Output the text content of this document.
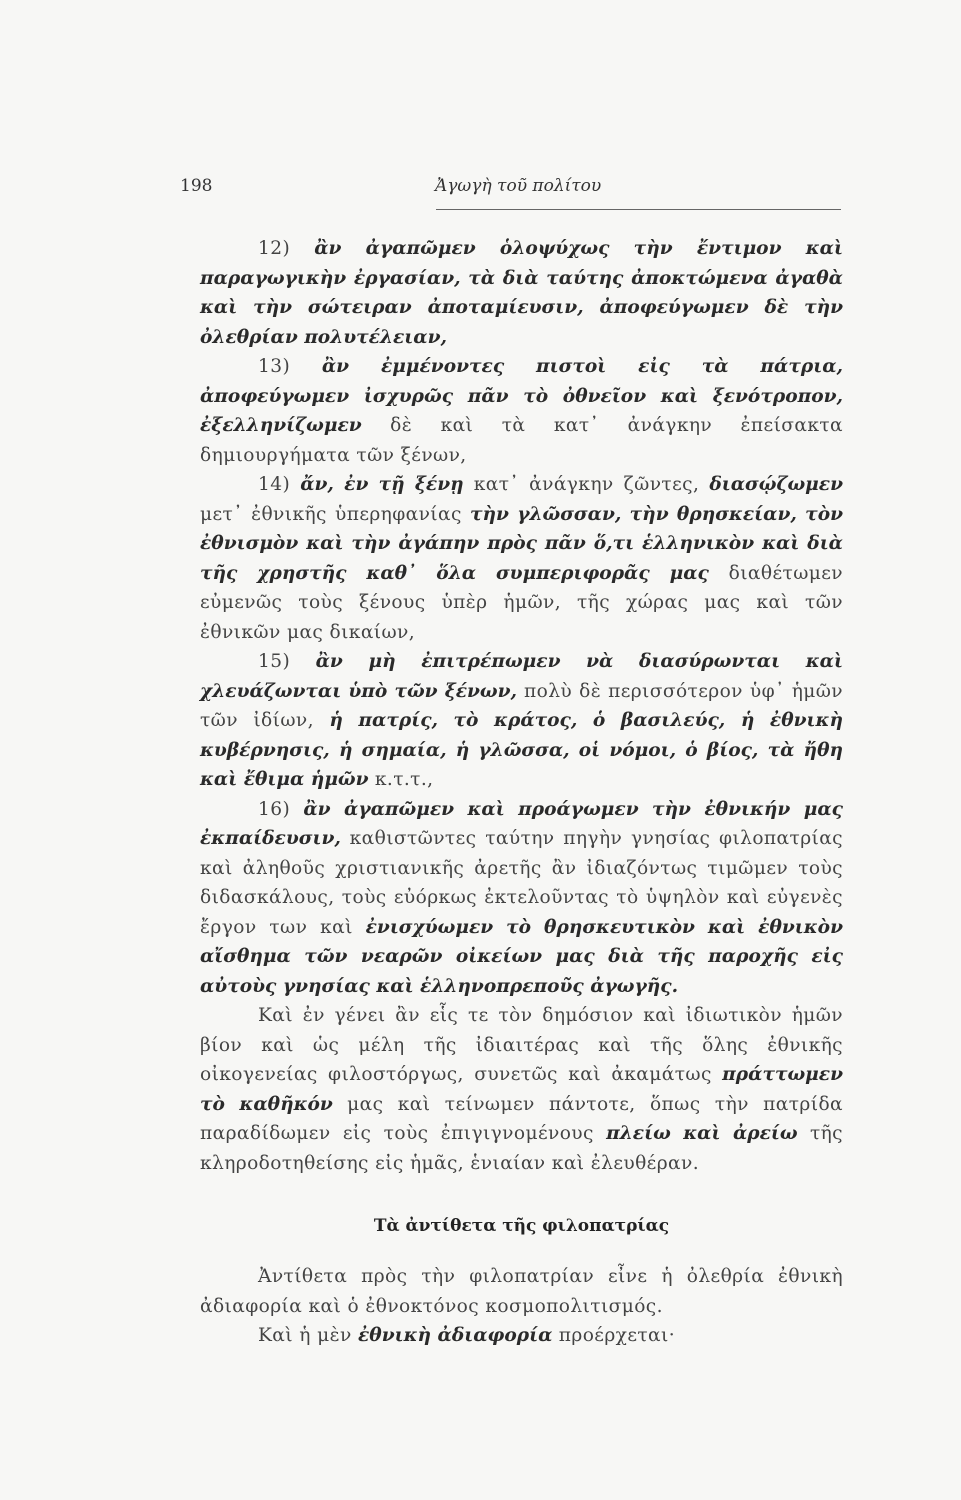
198	Ἀγωγὴ τοῦ πολίτου

12) ἂν ἀγαπῶμεν ὁλοψύχως τὴν ἔντιμον καὶ παραγωγικὴν ἐργασίαν, τὰ διὰ ταύτης ἀποκτώμενα ἀγαθὰ καὶ τὴν σώτειραν ἀποταμίευσιν, ἀποφεύγωμεν δὲ τὴν ὀλεθρίαν πολυτέλειαν,

13) ἂν ἐμμένοντες πιστοὶ εἰς τὰ πάτρια, ἀποφεύγωμεν ἰσχυρῶς πᾶν τὸ ὀθνεῖον καὶ ξενότροπον, ἐξελληνίζωμεν δὲ καὶ τὰ κατ᾽ ἀνάγκην ἐπείσακτα δημιουργήματα τῶν ξένων,

14) ἄν, ἐν τῇ ξένῃ κατ᾽ ἀνάγκην ζῶντες, διασῴζωμεν μετ᾽ ἐθνικῆς ὑπερηφανίας τὴν γλῶσσαν, τὴν θρησκείαν, τὸν ἐθνισμὸν καὶ τὴν ἀγάπην πρὸς πᾶν ὅ,τι ἑλληνικὸν καὶ διὰ τῆς χρηστῆς καθ᾽ ὅλα συμπεριφορᾶς μας διαθέτωμεν εὐμενῶς τοὺς ξένους ὑπὲρ ἡμῶν, τῆς χώρας μας καὶ τῶν ἐθνικῶν μας δικαίων,

15) ἂν μὴ ἐπιτρέπωμεν νὰ διασύρωνται καὶ χλευάζωνται ὑπὸ τῶν ξένων, πολὺ δὲ περισσότερον ὑφ᾽ ἡμῶν τῶν ἰδίων, ἡ πατρίς, τὸ κράτος, ὁ βασιλεύς, ἡ ἐθνικὴ κυβέρνησις, ἡ σημαία, ἡ γλῶσσα, οἱ νόμοι, ὁ βίος, τὰ ἤθη καὶ ἔθιμα ἡμῶν κ.τ.τ.,

16) ἂν ἀγαπῶμεν καὶ προάγωμεν τὴν ἐθνικήν μας ἐκπαίδευσιν, καθιστῶντες ταύτην πηγὴν γνησίας φιλοπατρίας καὶ ἀληθοῦς χριστιανικῆς ἀρετῆς ἂν ἰδιαζόντως τιμῶμεν τοὺς διδασκάλους, τοὺς εὐόρκως ἐκτελοῦντας τὸ ὑψηλὸν καὶ εὐγενὲς ἔργον των καὶ ἐνισχύωμεν τὸ θρησκευτικὸν καὶ ἐθνικὸν αἴσθημα τῶν νεαρῶν οἰκείων μας διὰ τῆς παροχῆς εἰς αὐτοὺς γνησίας καὶ ἑλληνοπρεποῦς ἀγωγῆς.

Καὶ ἐν γένει ἂν εἷς τε τὸν δημόσιον καὶ ἰδιωτικὸν ἡμῶν βίον καὶ ὡς μέλη τῆς ἰδιαιτέρας καὶ τῆς ὅλης ἐθνικῆς οἰκογενείας φιλοστόργως, συνετῶς καὶ ἀκαμάτως πράττωμεν τὸ καθῆκόν μας καὶ τείνωμεν πάντοτε, ὅπως τὴν πατρίδα παραδίδωμεν εἰς τοὺς ἐπιγιγνομένους πλείω καὶ ἀρείω τῆς κληροδοτηθείσης εἰς ἡμᾶς, ἑνιαίαν καὶ ἐλευθέραν.

Τὰ ἀντίθετα τῆς φιλοπατρίας

Ἀντίθετα πρὸς τὴν φιλοπατρίαν εἶνε ἡ ὀλεθρία ἐθνικὴ ἀδιαφορία καὶ ὁ ἐθνοκτόνος κοσμοπολιτισμός.

Καὶ ἡ μὲν ἐθνικὴ ἀδιαφορία προέρχεται·
